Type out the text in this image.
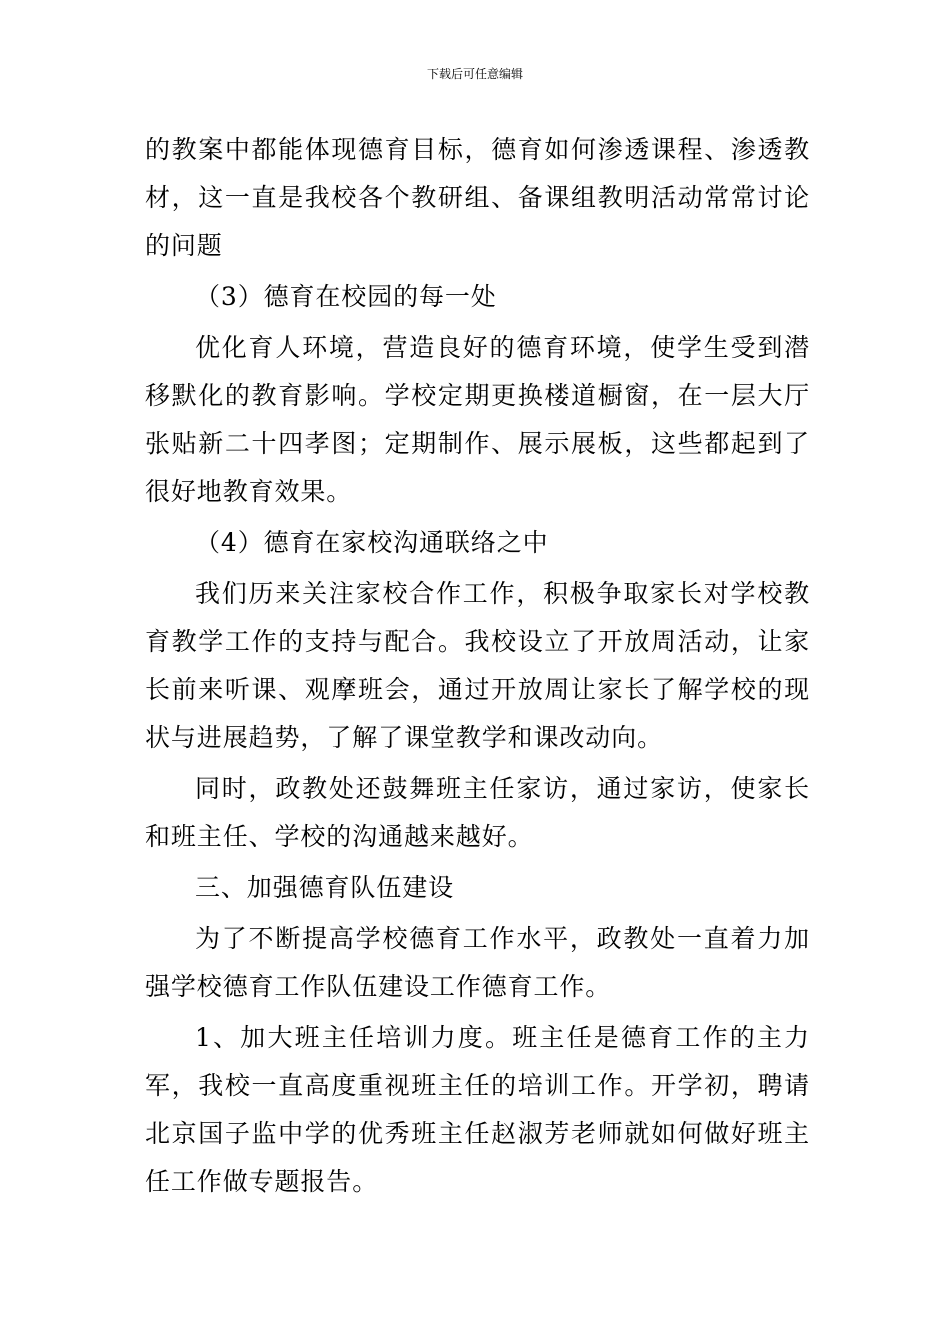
下载后可任意编辑

的教案中都能体现德育目标，德育如何渗透课程、渗透教材，这一直是我校各个教研组、备课组教明活动常常讨论的问题

（3）德育在校园的每一处

优化育人环境，营造良好的德育环境，使学生受到潜移默化的教育影响。学校定期更换楼道橱窗，在一层大厅张贴新二十四孝图；定期制作、展示展板，这些都起到了很好地教育效果。

（4）德育在家校沟通联络之中

我们历来关注家校合作工作，积极争取家长对学校教育教学工作的支持与配合。我校设立了开放周活动，让家长前来听课、观摩班会，通过开放周让家长了解学校的现状与进展趋势，了解了课堂教学和课改动向。

同时，政教处还鼓舞班主任家访，通过家访，使家长和班主任、学校的沟通越来越好。

三、加强德育队伍建设

为了不断提高学校德育工作水平，政教处一直着力加强学校德育工作队伍建设工作德育工作。

1、加大班主任培训力度。班主任是德育工作的主力军，我校一直高度重视班主任的培训工作。开学初，聘请北京国子监中学的优秀班主任赵淑芳老师就如何做好班主任工作做专题报告。
